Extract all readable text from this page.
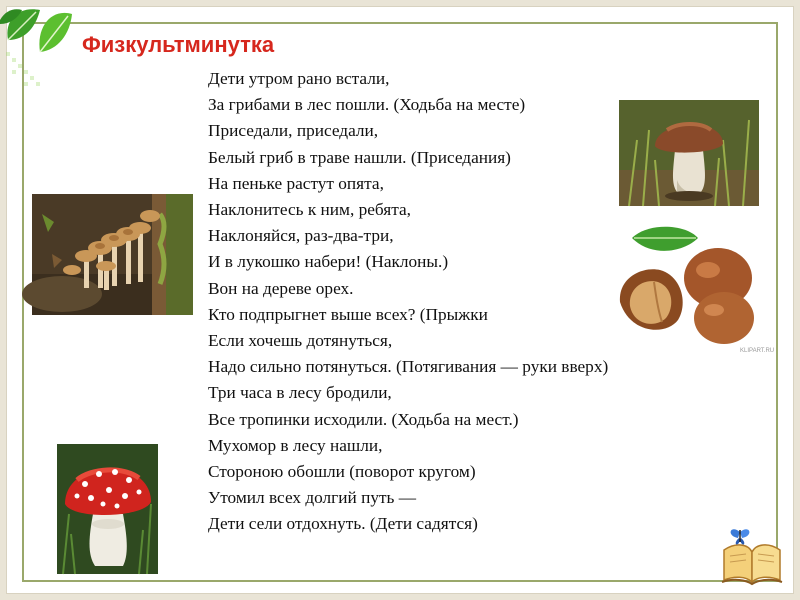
Физкультминутка
Дети утром рано встали,
За грибами в лес пошли. (Ходьба на месте)
Приседали, приседали,
Белый гриб в траве нашли. (Приседания)
На пеньке растут опята,
Наклонитесь к ним, ребята,
Наклоняйся, раз-два-три,
И в лукошко набери! (Наклоны.)
Вон на дереве орех.
Кто подпрыгнет выше всех? (Прыжки
Если хочешь дотянуться,
Надо сильно потянуться. (Потягивания — руки вверх)
Три часа в лесу бродили,
Все тропинки исходили. (Ходьба на мест.)
Мухомор в лесу нашли,
Стороною обошли (поворот кругом)
Утомил всех долгий путь —
Дети сели отдохнуть. (Дети садятся)
KLIPART.RU
